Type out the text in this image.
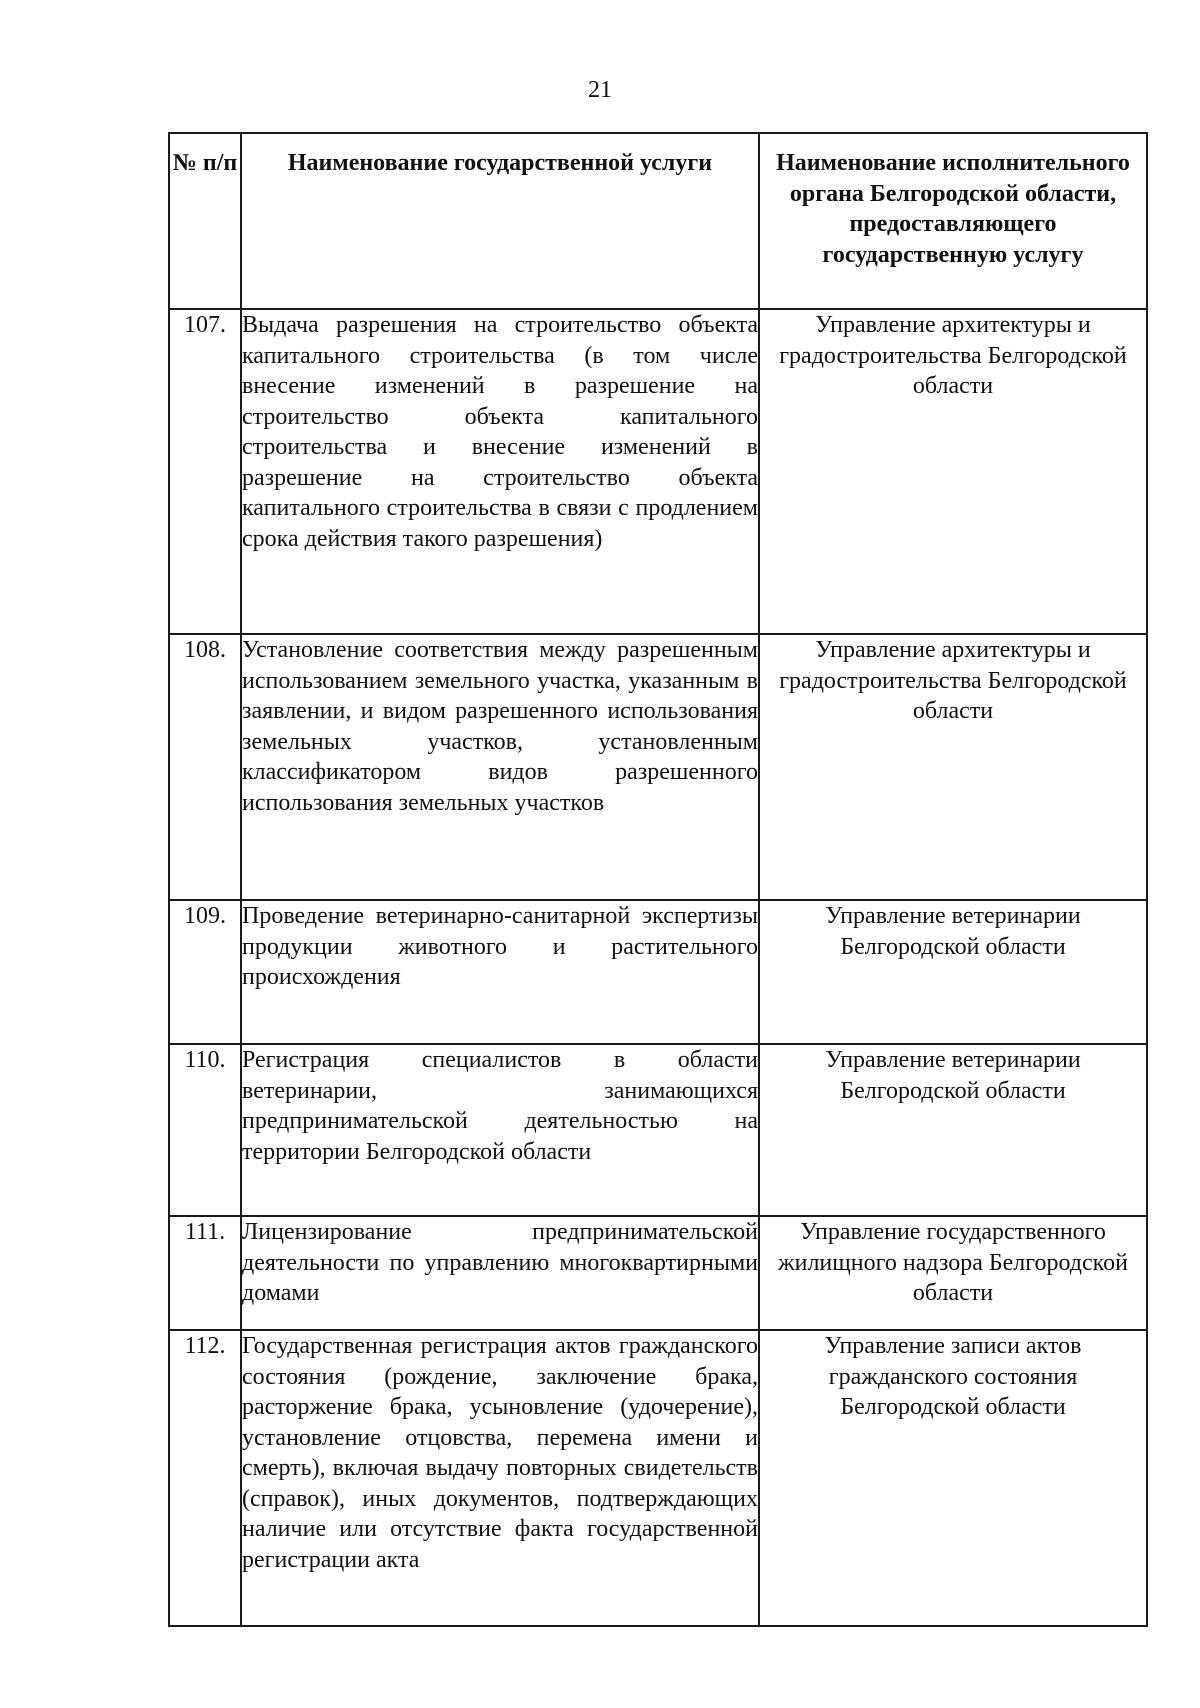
21
№ п/п	Наименование государственной услуги	Наименование исполнительного органа Белгородской области, предоставляющего государственную услугу
107.	Выдача разрешения на строительство объекта капитального строительства (в том числе внесение изменений в разрешение на строительство объекта капитального строительства и внесение изменений в разрешение на строительство объекта капитального строительства в связи с продлением срока действия такого разрешения)	Управление архитектуры и градостроительства Белгородской области
108.	Установление соответствия между разрешенным использованием земельного участка, указанным в заявлении, и видом разрешенного использования земельных участков, установленным классификатором видов разрешенного использования земельных участков	Управление архитектуры и градостроительства Белгородской области
109.	Проведение ветеринарно-санитарной экспертизы продукции животного и растительного происхождения	Управление ветеринарии Белгородской области
110.	Регистрация специалистов в области ветеринарии, занимающихся предпринимательской деятельностью на территории Белгородской области	Управление ветеринарии Белгородской области
111.	Лицензирование предпринимательской деятельности по управлению многоквартирными домами	Управление государственного жилищного надзора Белгородской области
112.	Государственная регистрация актов гражданского состояния (рождение, заключение брака, расторжение брака, усыновление (удочерение), установление отцовства, перемена имени и смерть), включая выдачу повторных свидетельств (справок), иных документов, подтверждающих наличие или отсутствие факта государственной регистрации акта	Управление записи актов гражданского состояния Белгородской области
